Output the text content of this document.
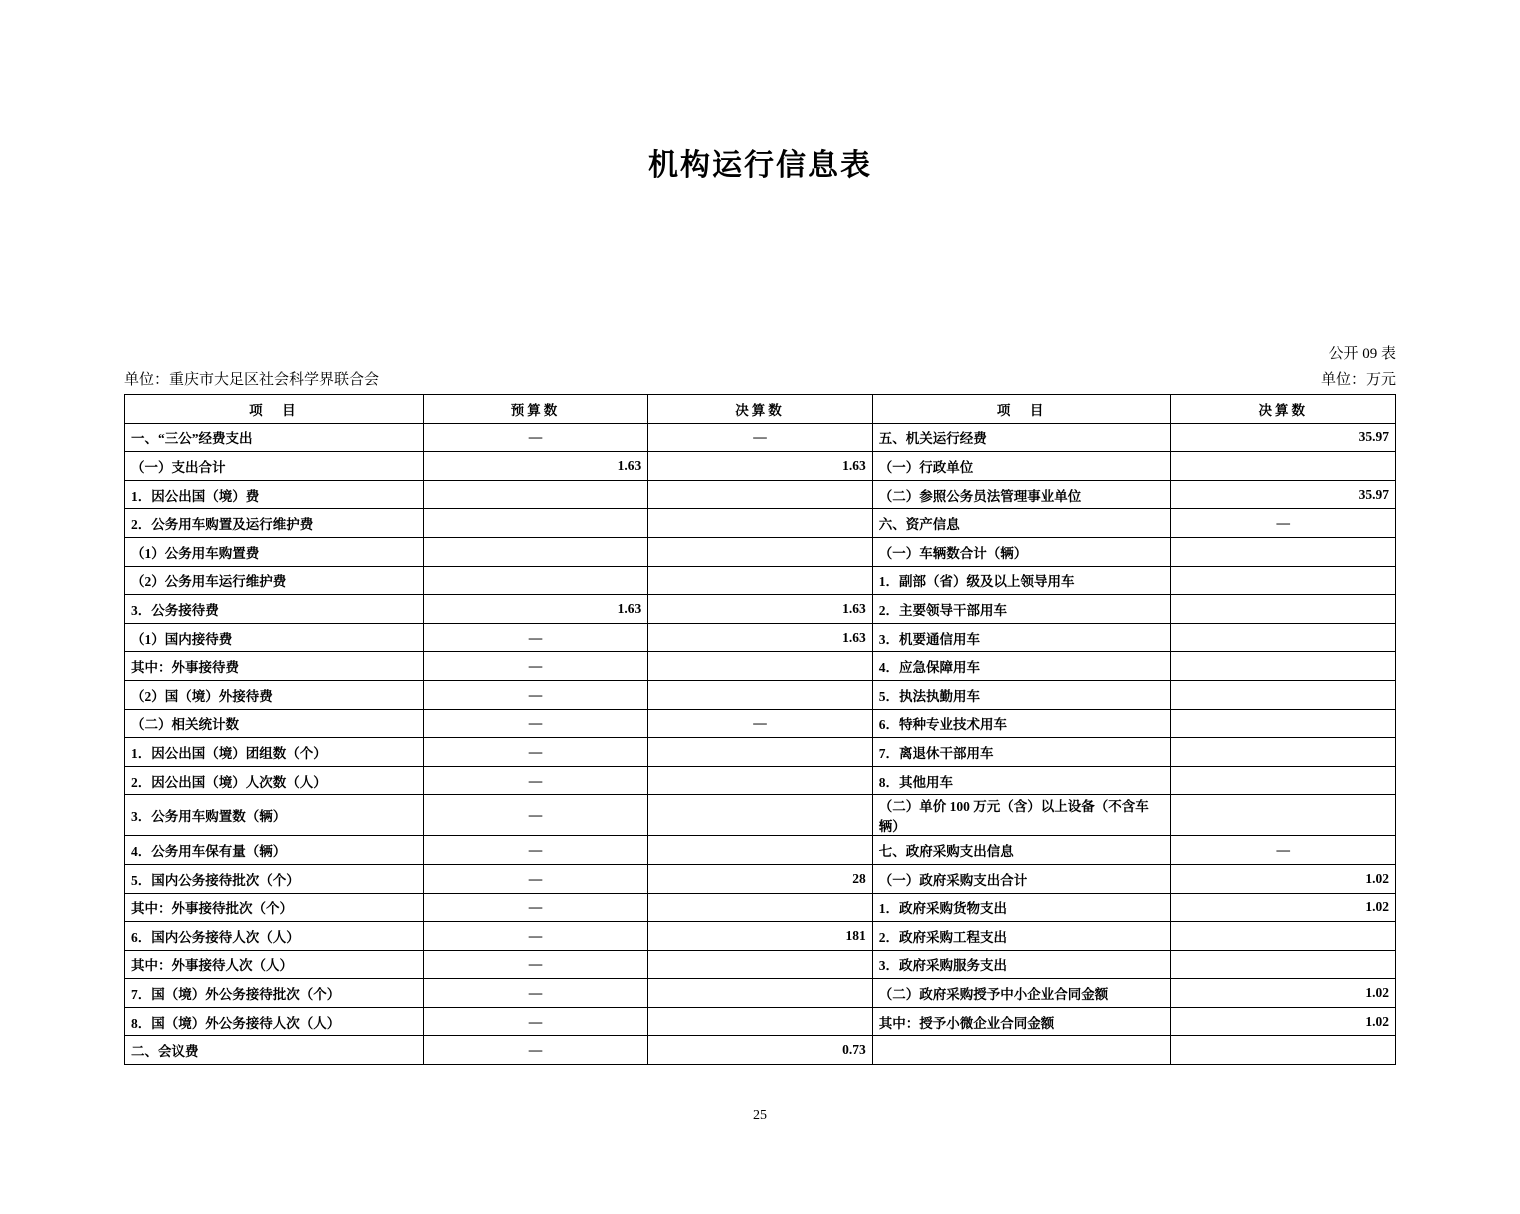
机构运行信息表
公开 09 表
单位：重庆市大足区社会科学界联合会	单位：万元
项　目	预算数	决算数	项　目	决算数
一、“三公”经费支出	—	—	五、机关运行经费	35.97
（一）支出合计	1.63	1.63	（一）行政单位	
1．因公出国（境）费			（二）参照公务员法管理事业单位	35.97
2．公务用车购置及运行维护费			六、资产信息	—
（1）公务用车购置费			（一）车辆数合计（辆）	
（2）公务用车运行维护费			1．副部（省）级及以上领导用车	
3．公务接待费	1.63	1.63	2．主要领导干部用车	
（1）国内接待费	—	1.63	3．机要通信用车	
其中：外事接待费	—		4．应急保障用车	
（2）国（境）外接待费	—		5．执法执勤用车	
（二）相关统计数	—	—	6．特种专业技术用车	
1．因公出国（境）团组数（个）	—		7．离退休干部用车	
2．因公出国（境）人次数（人）	—		8．其他用车	
3．公务用车购置数（辆）	—		（二）单价 100 万元（含）以上设备（不含车辆）	
4．公务用车保有量（辆）	—		七、政府采购支出信息	—
5．国内公务接待批次（个）	—	28	（一）政府采购支出合计	1.02
其中：外事接待批次（个）	—		1．政府采购货物支出	1.02
6．国内公务接待人次（人）	—	181	2．政府采购工程支出	
其中：外事接待人次（人）	—		3．政府采购服务支出	
7．国（境）外公务接待批次（个）	—		（二）政府采购授予中小企业合同金额	1.02
8．国（境）外公务接待人次（人）	—		其中：授予小微企业合同金额	1.02
二、会议费	—	0.73		
25
